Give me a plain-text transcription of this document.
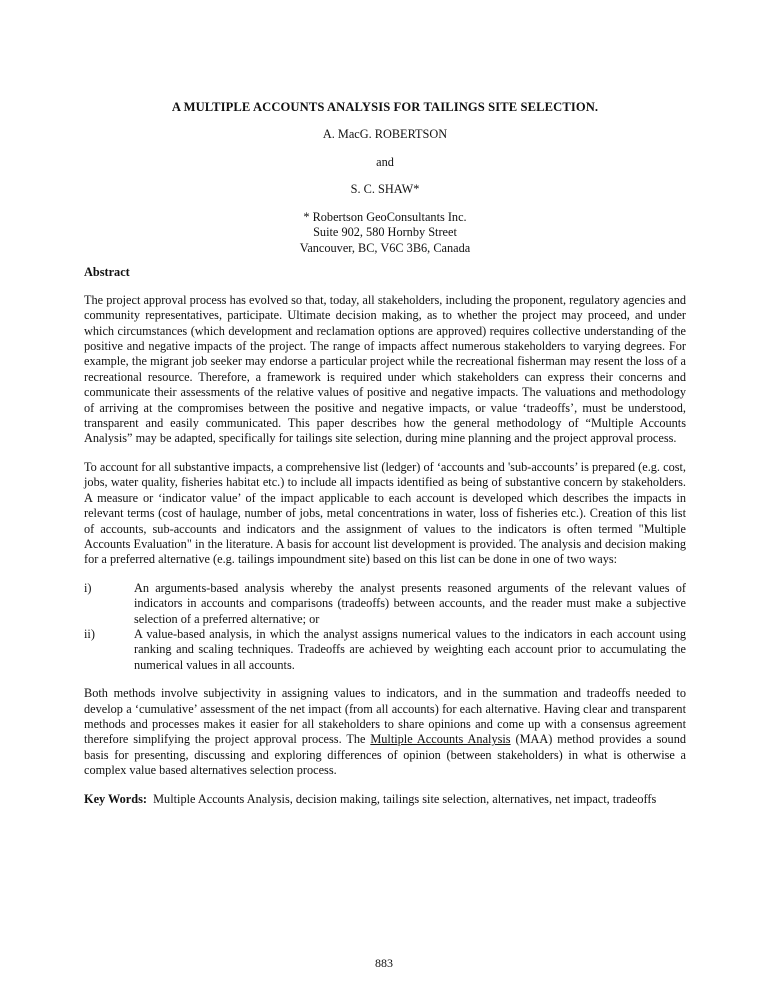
A MULTIPLE ACCOUNTS ANALYSIS FOR TAILINGS SITE SELECTION.
A. MacG. ROBERTSON
and
S. C. SHAW*
* Robertson GeoConsultants Inc.
Suite 902, 580 Hornby Street
Vancouver, BC, V6C 3B6, Canada
Abstract

The project approval process has evolved so that, today, all stakeholders, including the proponent, regulatory agencies and community representatives, participate. Ultimate decision making, as to whether the project may proceed, and under which circumstances (which development and reclamation options are approved) requires collective understanding of the positive and negative impacts of the project. The range of impacts affect numerous stakeholders to varying degrees. For example, the migrant job seeker may endorse a particular project while the recreational fisherman may resent the loss of a recreational resource. Therefore, a framework is required under which stakeholders can express their concerns and communicate their assessments of the relative values of positive and negative impacts. The valuations and methodology of arriving at the compromises between the positive and negative impacts, or value ‘tradeoffs’, must be understood, transparent and easily communicated. This paper describes how the general methodology of “Multiple Accounts Analysis” may be adapted, specifically for tailings site selection, during mine planning and the project approval process.

To account for all substantive impacts, a comprehensive list (ledger) of ‘accounts and 'sub-accounts’ is prepared (e.g. cost, jobs, water quality, fisheries habitat etc.) to include all impacts identified as being of substantive concern by stakeholders. A measure or ‘indicator value’ of the impact applicable to each account is developed which describes the impacts in relevant terms (cost of haulage, number of jobs, metal concentrations in water, loss of fisheries etc.). Creation of this list of accounts, sub-accounts and indicators and the assignment of values to the indicators is often termed "Multiple Accounts Evaluation" in the literature. A basis for account list development is provided. The analysis and decision making for a preferred alternative (e.g. tailings impoundment site) based on this list can be done in one of two ways:

i)	An arguments-based analysis whereby the analyst presents reasoned arguments of the relevant values of indicators in accounts and comparisons (tradeoffs) between accounts, and the reader must make a subjective selection of a preferred alternative; or
ii)	A value-based analysis, in which the analyst assigns numerical values to the indicators in each account using ranking and scaling techniques. Tradeoffs are achieved by weighting each account prior to accumulating the numerical values in all accounts.

Both methods involve subjectivity in assigning values to indicators, and in the summation and tradeoffs needed to develop a ‘cumulative’ assessment of the net impact (from all accounts) for each alternative. Having clear and transparent methods and processes makes it easier for all stakeholders to share opinions and come up with a consensus agreement therefore simplifying the project approval process. The Multiple Accounts Analysis (MAA) method provides a sound basis for presenting, discussing and exploring differences of opinion (between stakeholders) in what is otherwise a complex value based alternatives selection process.

Key Words: Multiple Accounts Analysis, decision making, tailings site selection, alternatives, net impact, tradeoffs

883
